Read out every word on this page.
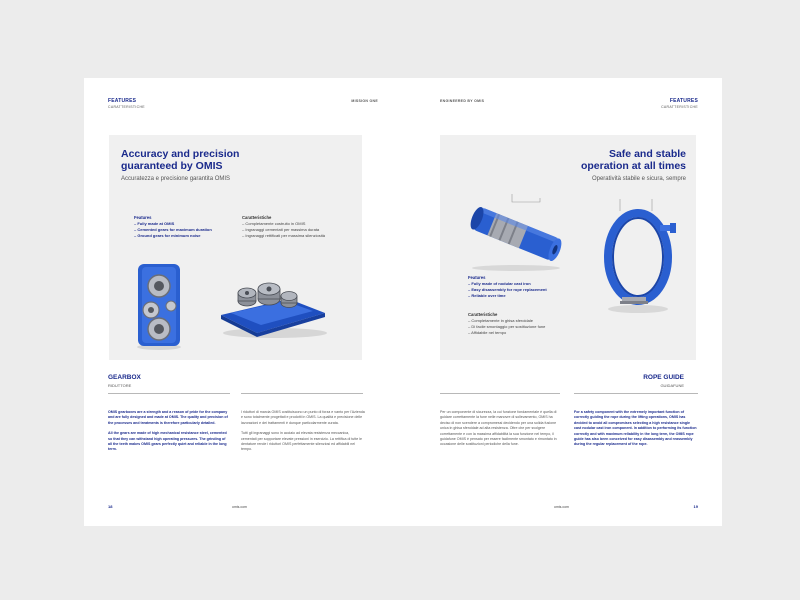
FEATURES
CARATTERISTICHE
MISSION ONE
Accuracy and precision
guaranteed by OMIS
Accuratezza e precisione garantita OMIS
Features
– Fully made at OMIS
– Cemented gears for maximum duration
– Ground gears for minimum noise
Caratteristiche
– Completamente costruito in OMIS
– Ingranaggi cementati per massima durata
– Ingranaggi rettificati per massima silenziosità
GEARBOX
RIDUTTORE

OMIS gearboxes are a strength and a reason of pride for the company and are fully designed and made at OMIS. The quality and precision of the processes and treatments is therefore particularly detailed.

All the gears are made of high mechanical resistance steel, cemented so that they can withstand high operating pressures. The grinding of all the teeth makes OMIS gears perfectly quiet and reliable in the long term.

I riduttori di marcia OMIS costituiscono un punto di forza e vanto per l'Azienda e sono totalmente progettati e prodotti in OMIS. La qualità e precisione delle lavorazioni e dei trattamenti è dunque particolarmente curata.

Tutti gli ingranaggi sono in acciaio ad elevata resistenza meccanica, cementati per sopportare elevate pressioni in esercizio. La rettifica di tutte le dentature rende i riduttori OMIS perfettamente silenziosi ed affidabili nel tempo.

18	omis.com
ENGINEERED BY OMIS	FEATURES
CARATTERISTICHE
Safe and stable
operation at all times
Operatività stabile e sicura, sempre
Features
– Fully made of nodular cast iron
– Easy disassembly for rope replacement
– Reliable over time
Caratteristiche
– Completamente in ghisa sferoidale
– Di facile smontaggio per sostituzione fune
– Affidabile nel tempo
ROPE GUIDE
GUIDAFUNE

Per un componente di sicurezza, la cui funzione fondamentale è quella di guidare correttamente la fune nelle manovre di sollevamento, OMIS ha deciso di non scendere a compromessi decidendo per una solida fusione unica in ghisa sferoidale ad alta resistenza. Oltre che per svolgere correttamente e con la massima affidabilità la sua funzione nel tempo, il guidafune OMIS è pensato per essere facilmente smontato e rimontato in occasione delle sostituzioni periodiche della fune.

For a safety component with the extremely important function of correctly guiding the rope during the lifting operations, OMIS has decided to avoid all compromises selecting a high resistance single cast nodular cast iron component. In addition to performing its function correctly and with maximum reliability in the long term, the OMIS rope guide has also been conceived for easy disassembly and reassembly during the regular replacement of the rope.

omis.com	19
